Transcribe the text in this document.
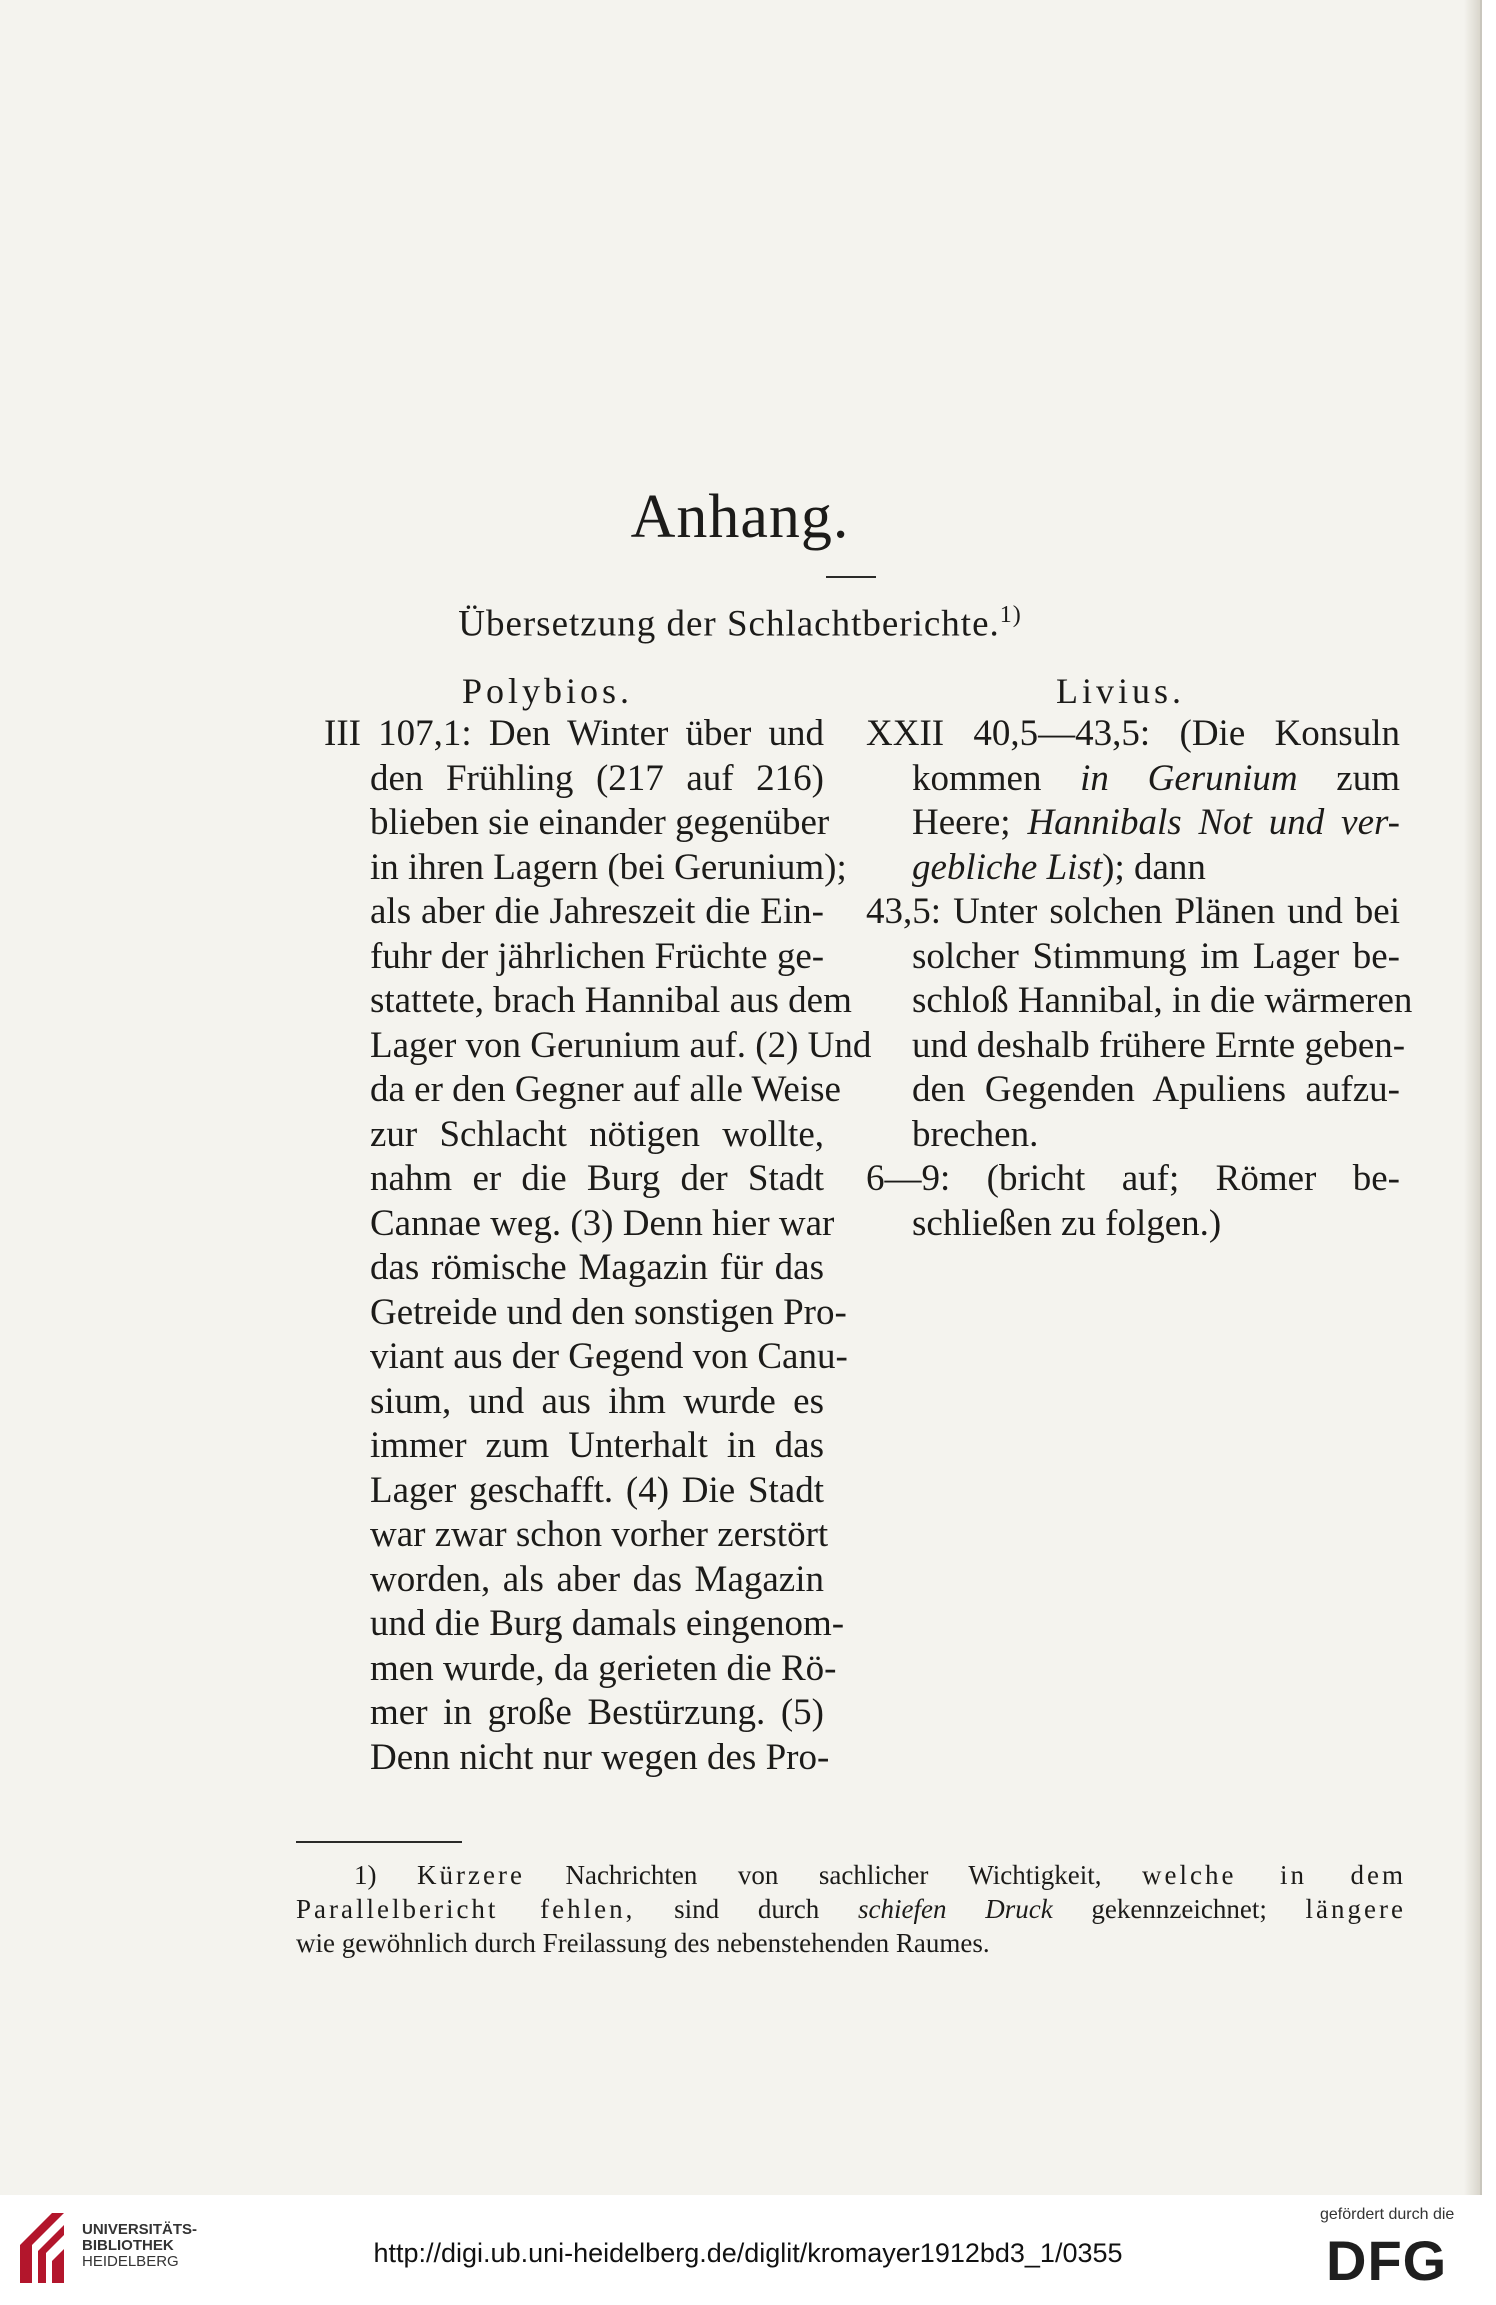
Anhang.
Übersetzung der Schlachtberichte.$^{1)}$
Polybios.	Livius.
III 107,1: Den Winter über und
den Frühling (217 auf 216)
blieben sie einander gegenüber
in ihren Lagern (bei Gerunium);
als aber die Jahreszeit die Ein-
fuhr der jährlichen Früchte ge-
stattete, brach Hannibal aus dem
Lager von Gerunium auf. (2) Und
da er den Gegner auf alle Weise
zur Schlacht nötigen wollte,
nahm er die Burg der Stadt
Cannae weg. (3) Denn hier war
das römische Magazin für das
Getreide und den sonstigen Pro-
viant aus der Gegend von Canu-
sium, und aus ihm wurde es
immer zum Unterhalt in das
Lager geschafft. (4) Die Stadt
war zwar schon vorher zerstört
worden, als aber das Magazin
und die Burg damals eingenom-
men wurde, da gerieten die Rö-
mer in große Bestürzung. (5)
Denn nicht nur wegen des Pro-
XXII 40,5—43,5: (Die Konsuln
kommen in Gerunium zum
Heere; Hannibals Not und ver-
gebliche List); dann
43,5: Unter solchen Plänen und bei
solcher Stimmung im Lager be-
schloß Hannibal, in die wärmeren
und deshalb frühere Ernte geben-
den Gegenden Apuliens aufzu-
brechen.
6—9: (bricht auf; Römer be-
schließen zu folgen.)
1) Kürzere Nachrichten von sachlicher Wichtigkeit, welche in dem
Parallelbericht fehlen, sind durch schiefen Druck gekennzeichnet; längere
wie gewöhnlich durch Freilassung des nebenstehenden Raumes.
UNIVERSITÄTS-
BIBLIOTHEK
HEIDELBERG	http://digi.ub.uni-heidelberg.de/diglit/kromayer1912bd3_1/0355
gefördert durch die
DFG
